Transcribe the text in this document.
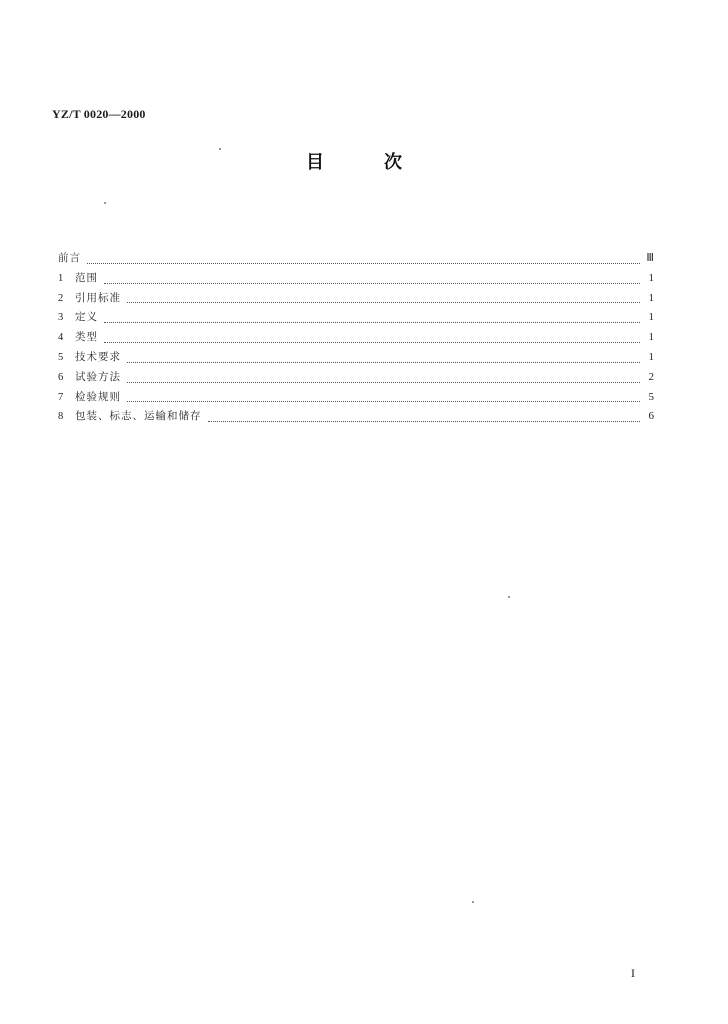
YZ/T 0020—2000
目	次
前言	Ⅲ
1	范围	1
2	引用标准	1
3	定义	1
4	类型	1
5	技术要求	1
6	试验方法	2
7	检验规则	5
8	包装、标志、运输和储存	6
I
